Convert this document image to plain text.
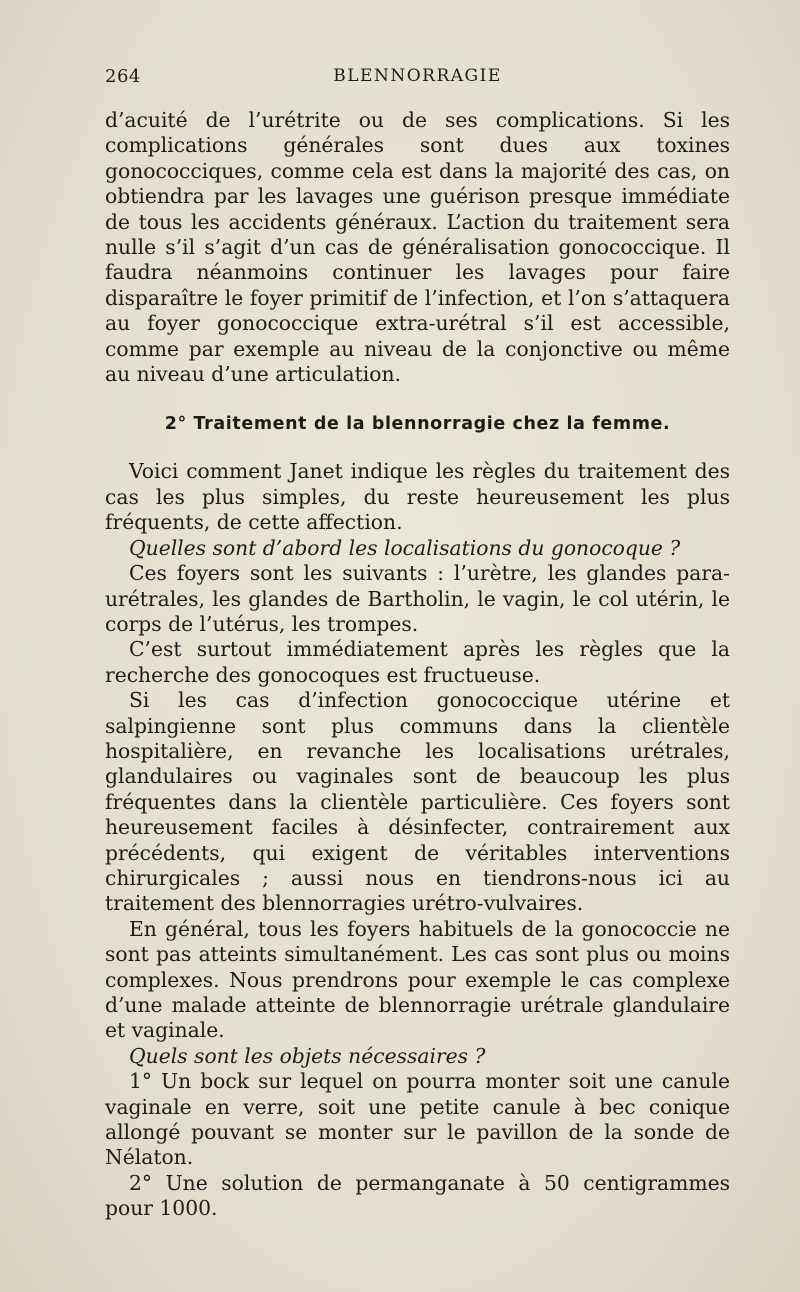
264	BLENNORRAGIE

d’acuité de l’urétrite ou de ses complications. Si les complications générales sont dues aux toxines gonococciques, comme cela est dans la majorité des cas, on obtiendra par les lavages une guérison presque immédiate de tous les accidents généraux. L’action du traitement sera nulle s’il s’agit d’un cas de généralisation gonococcique. Il faudra néanmoins continuer les lavages pour faire disparaître le foyer primitif de l’infection, et l’on s’attaquera au foyer gonococcique extra-urétral s’il est accessible, comme par exemple au niveau de la conjonctive ou même au niveau d’une articulation.

2° Traitement de la blennorragie chez la femme.

Voici comment Janet indique les règles du traitement des cas les plus simples, du reste heureusement les plus fréquents, de cette affection.

Quelles sont d’abord les localisations du gonocoque ?

Ces foyers sont les suivants : l’urètre, les glandes para-urétrales, les glandes de Bartholin, le vagin, le col utérin, le corps de l’utérus, les trompes.

C’est surtout immédiatement après les règles que la recherche des gonocoques est fructueuse.

Si les cas d’infection gonococcique utérine et salpingienne sont plus communs dans la clientèle hospitalière, en revanche les localisations urétrales, glandulaires ou vaginales sont de beaucoup les plus fréquentes dans la clientèle particulière. Ces foyers sont heureusement faciles à désinfecter, contrairement aux précédents, qui exigent de véritables interventions chirurgicales ; aussi nous en tiendrons-nous ici au traitement des blennorragies urétro-vulvaires.

En général, tous les foyers habituels de la gonococcie ne sont pas atteints simultanément. Les cas sont plus ou moins complexes. Nous prendrons pour exemple le cas complexe d’une malade atteinte de blennorragie urétrale glandulaire et vaginale.

Quels sont les objets nécessaires ?

1° Un bock sur lequel on pourra monter soit une canule vaginale en verre, soit une petite canule à bec conique allongé pouvant se monter sur le pavillon de la sonde de Nélaton.

2° Une solution de permanganate à 50 centigrammes pour 1000.
